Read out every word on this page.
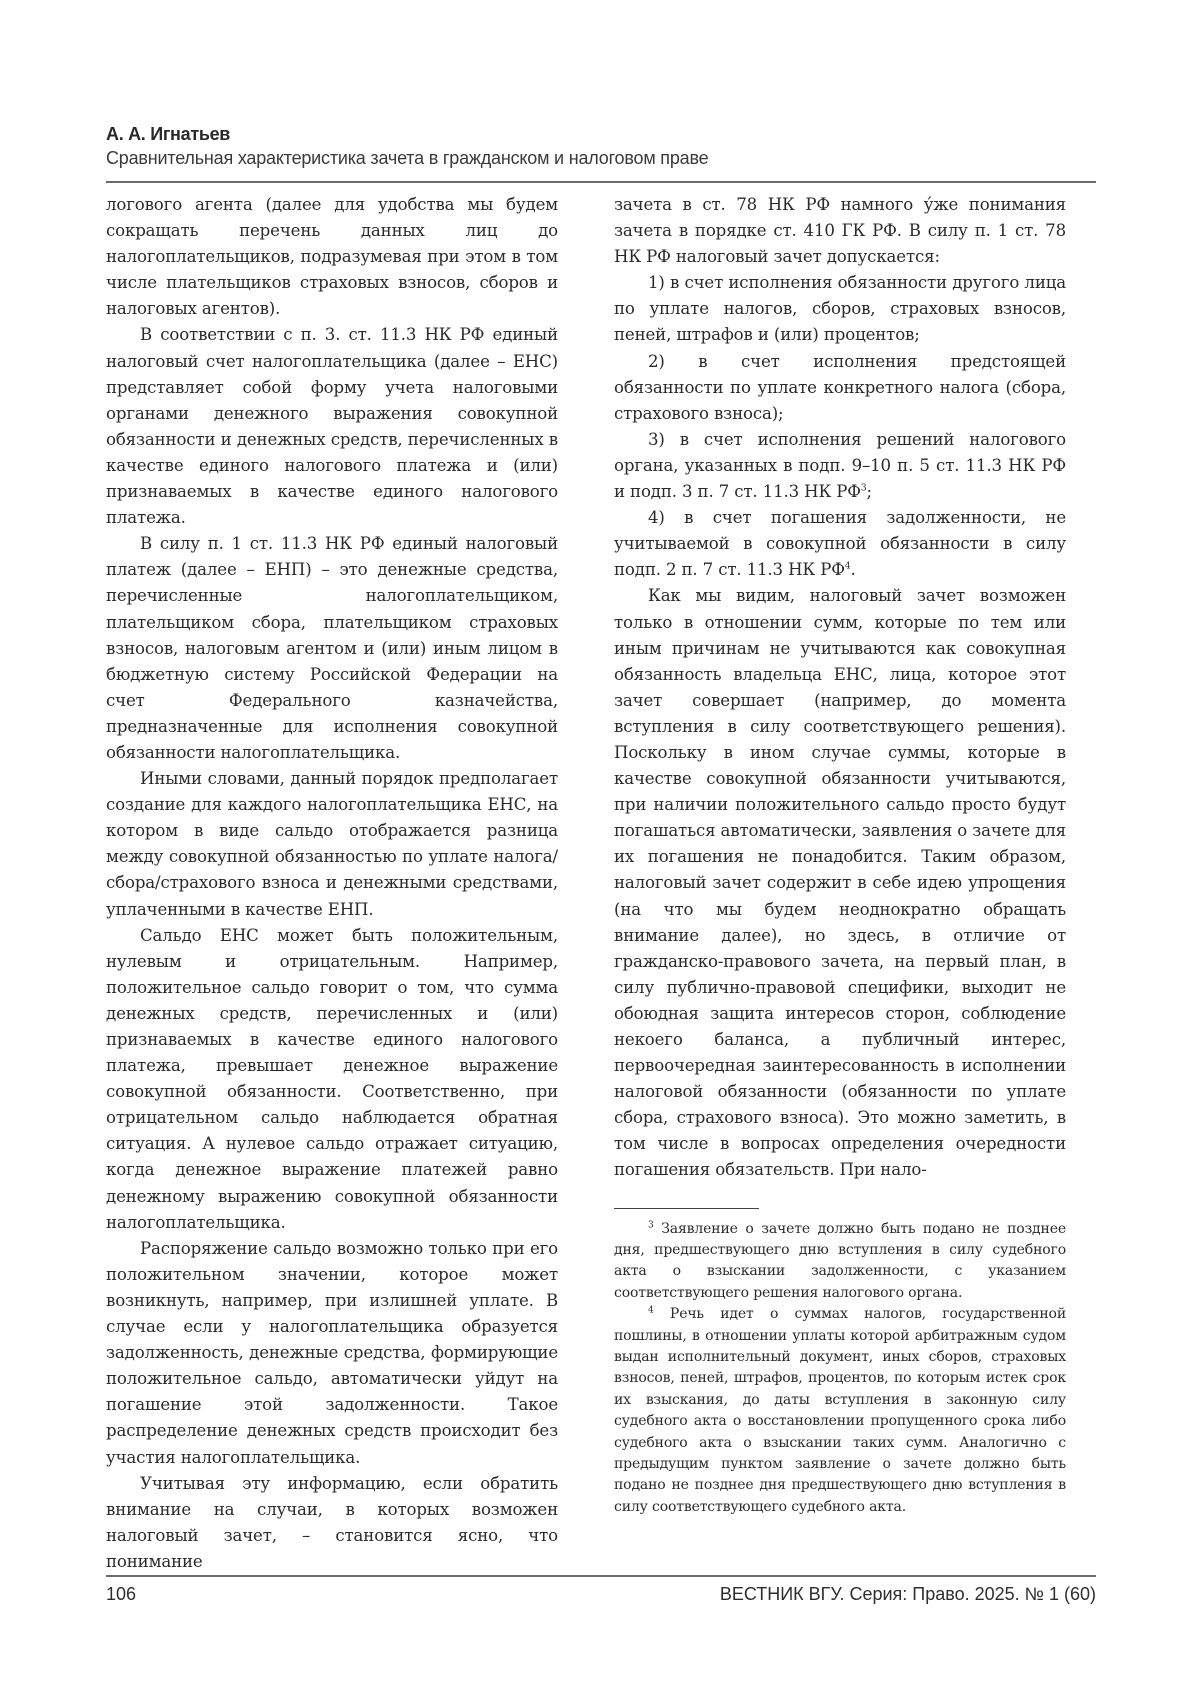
А. А. Игнатьев
Сравнительная характеристика зачета в гражданском и налоговом праве

логового агента (далее для удобства мы будем сокращать перечень данных лиц до налогоплательщиков, подразумевая при этом в том числе плательщиков страховых взносов, сборов и налоговых агентов).

В соответствии с п. 3. ст. 11.3 НК РФ единый налоговый счет налогоплательщика (далее – ЕНС) представляет собой форму учета налоговыми органами денежного выражения совокупной обязанности и денежных средств, перечисленных в качестве единого налогового платежа и (или) признаваемых в качестве единого налогового платежа.

В силу п. 1 ст. 11.3 НК РФ единый налоговый платеж (далее – ЕНП) – это денежные средства, перечисленные налогоплательщиком, плательщиком сбора, плательщиком страховых взносов, налоговым агентом и (или) иным лицом в бюджетную систему Российской Федерации на счет Федерального казначейства, предназначенные для исполнения совокупной обязанности налогоплательщика.

Иными словами, данный порядок предполагает создание для каждого налогоплательщика ЕНС, на котором в виде сальдо отображается разница между совокупной обязанностью по уплате налога/сбора/страхового взноса и денежными средствами, уплаченными в качестве ЕНП.

Сальдо ЕНС может быть положительным, нулевым и отрицательным. Например, положительное сальдо говорит о том, что сумма денежных средств, перечисленных и (или) признаваемых в качестве единого налогового платежа, превышает денежное выражение совокупной обязанности. Соответственно, при отрицательном сальдо наблюдается обратная ситуация. А нулевое сальдо отражает ситуацию, когда денежное выражение платежей равно денежному выражению совокупной обязанности налогоплательщика.

Распоряжение сальдо возможно только при его положительном значении, которое может возникнуть, например, при излишней уплате. В случае если у налогоплательщика образуется задолженность, денежные средства, формирующие положительное сальдо, автоматически уйдут на погашение этой задолженности. Такое распределение денежных средств происходит без участия налогоплательщика.

Учитывая эту информацию, если обратить внимание на случаи, в которых возможен налоговый зачет, – становится ясно, что понимание

зачета в ст. 78 НК РФ намного у́же понимания зачета в порядке ст. 410 ГК РФ. В силу п. 1 ст. 78 НК РФ налоговый зачет допускается:

1) в счет исполнения обязанности другого лица по уплате налогов, сборов, страховых взносов, пеней, штрафов и (или) процентов;

2) в счет исполнения предстоящей обязанности по уплате конкретного налога (сбора, страхового взноса);

3) в счет исполнения решений налогового органа, указанных в подп. 9–10 п. 5 ст. 11.3 НК РФ и подп. 3 п. 7 ст. 11.3 НК $РФ^3$;

4) в счет погашения задолженности, не учитываемой в совокупной обязанности в силу подп. 2 п. 7 ст. 11.3 НК $РФ^4$.

Как мы видим, налоговый зачет возможен только в отношении сумм, которые по тем или иным причинам не учитываются как совокупная обязанность владельца ЕНС, лица, которое этот зачет совершает (например, до момента вступления в силу соответствующего решения). Поскольку в ином случае суммы, которые в качестве совокупной обязанности учитываются, при наличии положительного сальдо просто будут погашаться автоматически, заявления о зачете для их погашения не понадобится. Таким образом, налоговый зачет содержит в себе идею упрощения (на что мы будем неоднократно обращать внимание далее), но здесь, в отличие от гражданско-правового зачета, на первый план, в силу публично-правовой специфики, выходит не обоюдная защита интересов сторон, соблюдение некоего баланса, а публичный интерес, первоочередная заинтересованность в исполнении налоговой обязанности (обязанности по уплате сбора, страхового взноса). Это можно заметить, в том числе в вопросах определения очередности погашения обязательств. При нало-

$^3$ Заявление о зачете должно быть подано не позднее дня, предшествующего дню вступления в силу судебного акта о взыскании задолженности, с указанием соответствующего решения налогового органа.

$^4$ Речь идет о суммах налогов, государственной пошлины, в отношении уплаты которой арбитражным судом выдан исполнительный документ, иных сборов, страховых взносов, пеней, штрафов, процентов, по которым истек срок их взыскания, до даты вступления в законную силу судебного акта о восстановлении пропущенного срока либо судебного акта о взыскании таких сумм. Аналогично с предыдущим пунктом заявление о зачете должно быть подано не позднее дня предшествующего дню вступления в силу соответствующего судебного акта.

106	ВЕСТНИК ВГУ. Серия: Право. 2025. № 1 (60)
